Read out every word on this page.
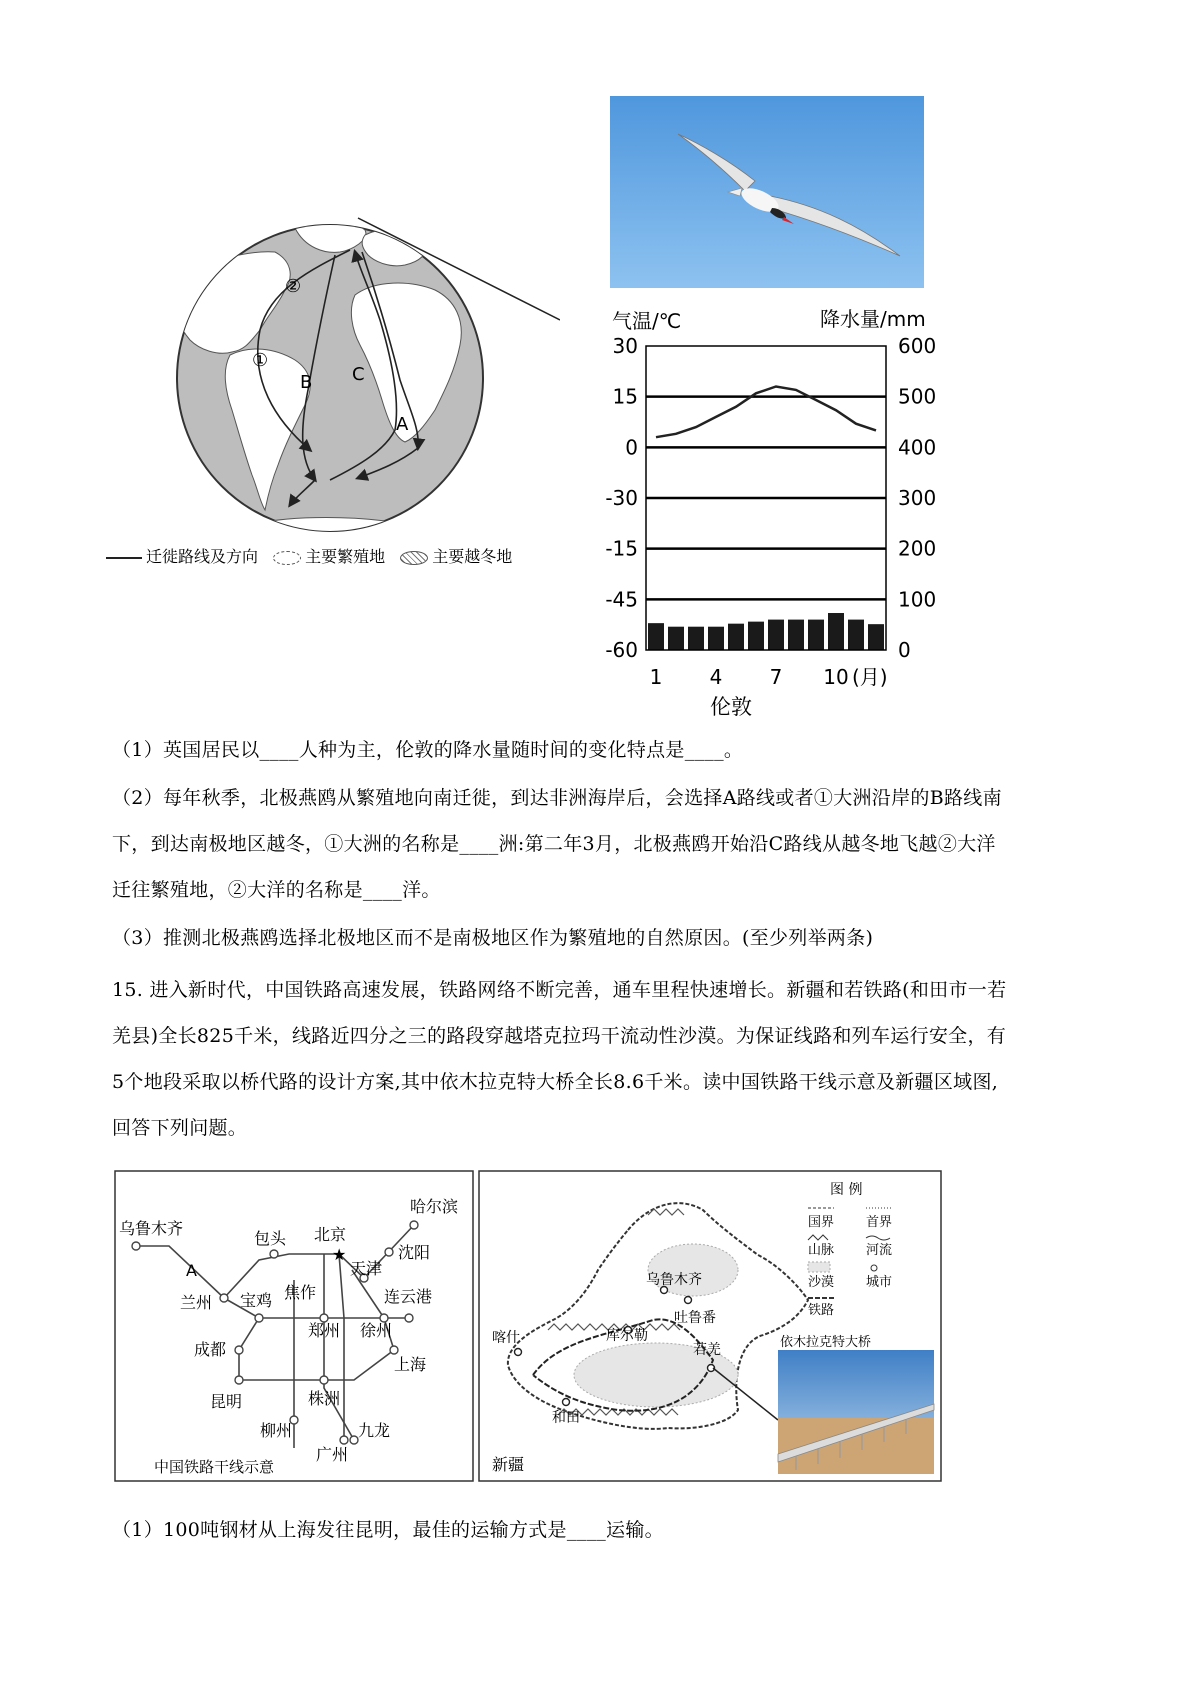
①
②
B C
A
迁徙路线及方向	主要繁殖地	主要越冬地
气温/℃	降水量/mm
30
15
0
-30
-15
-45
-60
600
500
400
300
200
100
0
1 4 7 10 (月)
伦敦
（1）英国居民以____人种为主，伦敦的降水量随时间的变化特点是____。
（2）每年秋季，北极燕鸥从繁殖地向南迁徙，到达非洲海岸后，会选择A路线或者①大洲沿岸的B路线南
下，到达南极地区越冬，①大洲的名称是____洲:第二年3月，北极燕鸥开始沿C路线从越冬地飞越②大洋
迁往繁殖地，②大洋的名称是____洋。
（3）推测北极燕鸥选择北极地区而不是南极地区作为繁殖地的自然原因。(至少列举两条)
15. 进入新时代，中国铁路高速发展，铁路网络不断完善，通车里程快速增长。新疆和若铁路(和田市一若
羌县)全长825千米，线路近四分之三的路段穿越塔克拉玛干流动性沙漠。为保证线路和列车运行安全，有
5个地段采取以桥代路的设计方案,其中依木拉克特大桥全长8.6千米。读中国铁路干线示意及新疆区域图,
回答下列问题。
★
乌鲁木齐
A
包头 北京
哈尔滨
沈阳
天津
兰州 宝鸡 焦作	连云港
郑州 徐州
成都
上海
昆明	株洲
柳州	九龙
广州
中国铁路干线示意
乌鲁木齐
吐鲁番
库尔勒
喀什
若羌
和田
新疆
图 例
国界 首界
山脉 河流
沙漠 城市
铁路
依木拉克特大桥
（1）100吨钢材从上海发往昆明，最佳的运输方式是____运输。
